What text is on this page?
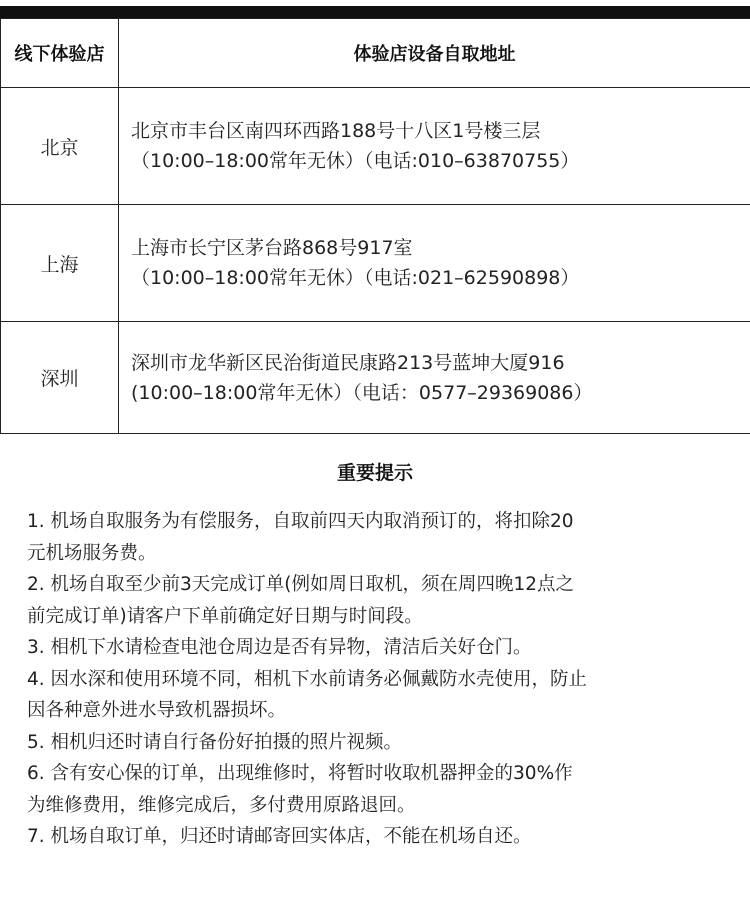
线下体验店	体验店设备自取地址
北京	北京市丰台区南四环西路188号十八区1号楼三层
（10:00–18:00常年无休）（电话:010–63870755）

上海	上海市长宁区茅台路868号917室
（10:00–18:00常年无休）（电话:021–62590898）

深圳	深圳市龙华新区民治街道民康路213号蓝坤大厦916
(10:00–18:00常年无休）（电话：0577–29369086）
重要提示
1. 机场自取服务为有偿服务，自取前四天内取消预订的，将扣除20
元机场服务费。
2. 机场自取至少前3天完成订单(例如周日取机，须在周四晚12点之
前完成订单)请客户下单前确定好日期与时间段。
3. 相机下水请检查电池仓周边是否有异物，清洁后关好仓门。
4. 因水深和使用环境不同，相机下水前请务必佩戴防水壳使用，防止
因各种意外进水导致机器损坏。
5. 相机归还时请自行备份好拍摄的照片视频。
6. 含有安心保的订单，出现维修时，将暂时收取机器押金的30%作
为维修费用，维修完成后，多付费用原路退回。
7. 机场自取订单，归还时请邮寄回实体店，不能在机场自还。
